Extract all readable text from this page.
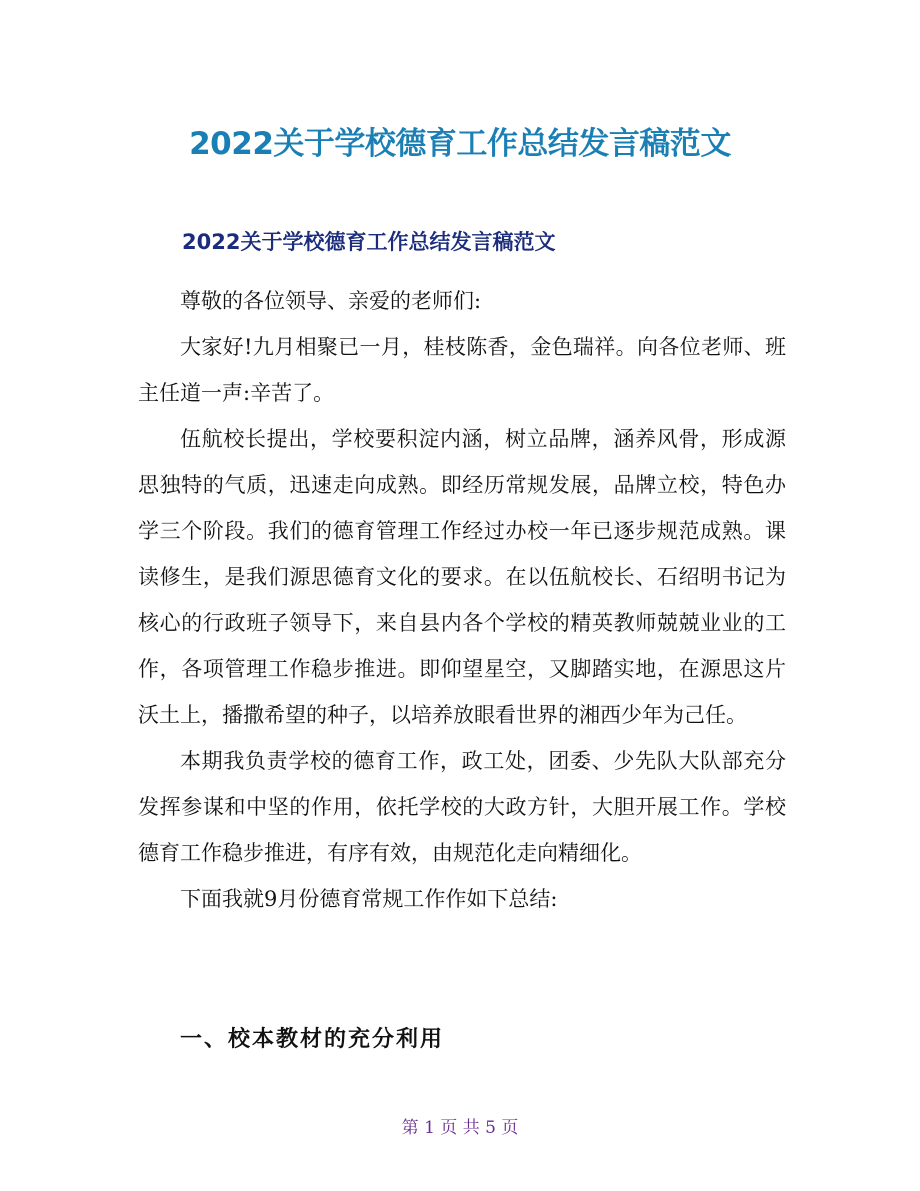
2022关于学校德育工作总结发言稿范文
2022关于学校德育工作总结发言稿范文

尊敬的各位领导、亲爱的老师们:

大家好!九月相聚已一月，桂枝陈香，金色瑞祥。向各位老师、班主任道一声:辛苦了。

伍航校长提出，学校要积淀内涵，树立品牌，涵养风骨，形成源思独特的气质，迅速走向成熟。即经历常规发展，品牌立校，特色办学三个阶段。我们的德育管理工作经过办校一年已逐步规范成熟。课读修生，是我们源思德育文化的要求。在以伍航校长、石绍明书记为核心的行政班子领导下，来自县内各个学校的精英教师兢兢业业的工作，各项管理工作稳步推进。即仰望星空，又脚踏实地，在源思这片沃土上，播撒希望的种子，以培养放眼看世界的湘西少年为己任。

本期我负责学校的德育工作，政工处，团委、少先队大队部充分发挥参谋和中坚的作用，依托学校的大政方针，大胆开展工作。学校德育工作稳步推进，有序有效，由规范化走向精细化。

下面我就9月份德育常规工作作如下总结:

一、校本教材的充分利用
第 1 页 共 5 页
